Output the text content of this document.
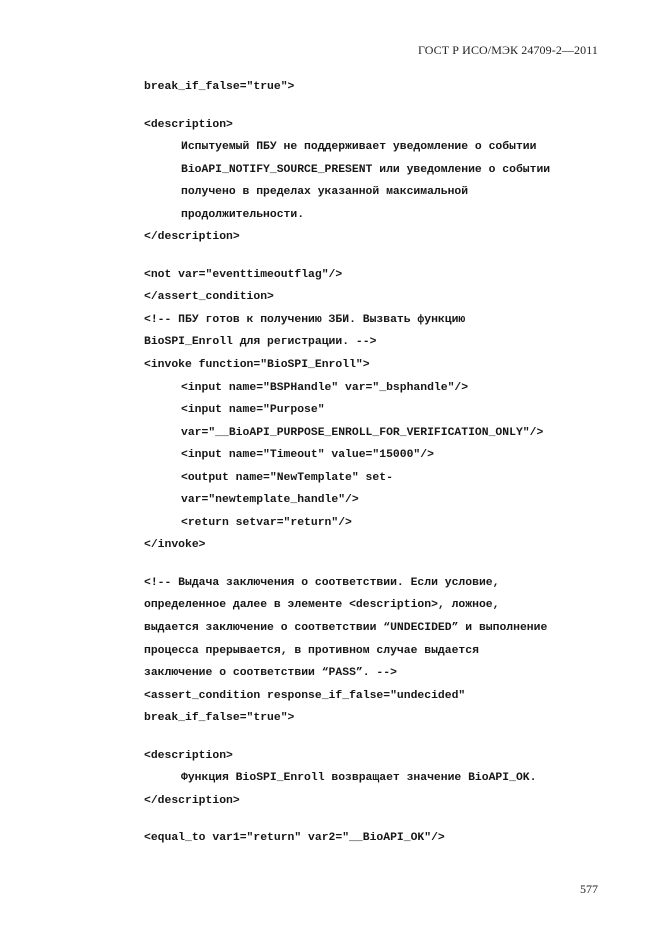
ГОСТ Р ИСО/МЭК 24709-2—2011
break_if_false="true">
<description>
Испытуемый ПБУ не поддерживает уведомление о событии
BioAPI_NOTIFY_SOURCE_PRESENT или уведомление о событии
получено в пределах указанной максимальной
продолжительности.
</description>
<not var="eventtimeoutflag"/>
</assert_condition>
<!-- ПБУ готов к получению ЗБИ. Вызвать функцию
BioSPI_Enroll для регистрации. -->
<invoke function="BioSPI_Enroll">
<input name="BSPHandle" var="_bsphandle"/>
<input name="Purpose"
var="__BioAPI_PURPOSE_ENROLL_FOR_VERIFICATION_ONLY"/>
<input name="Timeout" value="15000"/>
<output name="NewTemplate" set-
var="newtemplate_handle"/>
<return setvar="return"/>
</invoke>
<!-- Выдача заключения о соответствии. Если условие,
определенное далее в элементе <description>, ложное,
выдается заключение о соответствии “UNDECIDED” и выполнение
процесса прерывается, в противном случае выдается
заключение о соответствии “PASS”. -->
<assert_condition response_if_false="undecided"
break_if_false="true">
<description>
Функция BioSPI_Enroll возвращает значение BioAPI_OK.
</description>
<equal_to var1="return" var2="__BioAPI_OK"/>
577
